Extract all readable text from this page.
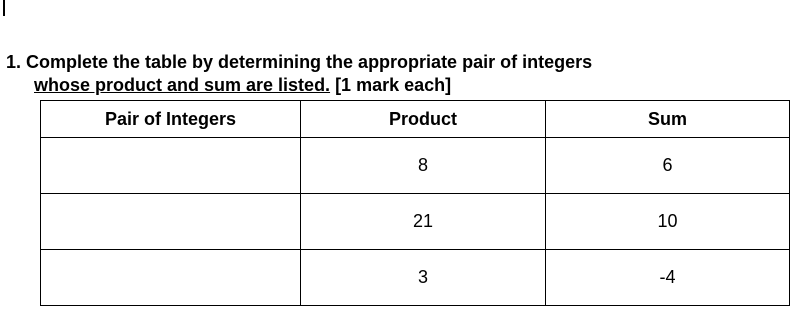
1. Complete the table by determining the appropriate pair of integers
whose product and sum are listed. [1 mark each]
Pair of Integers	Product	Sum
	8	6
	21	10
	3	-4
